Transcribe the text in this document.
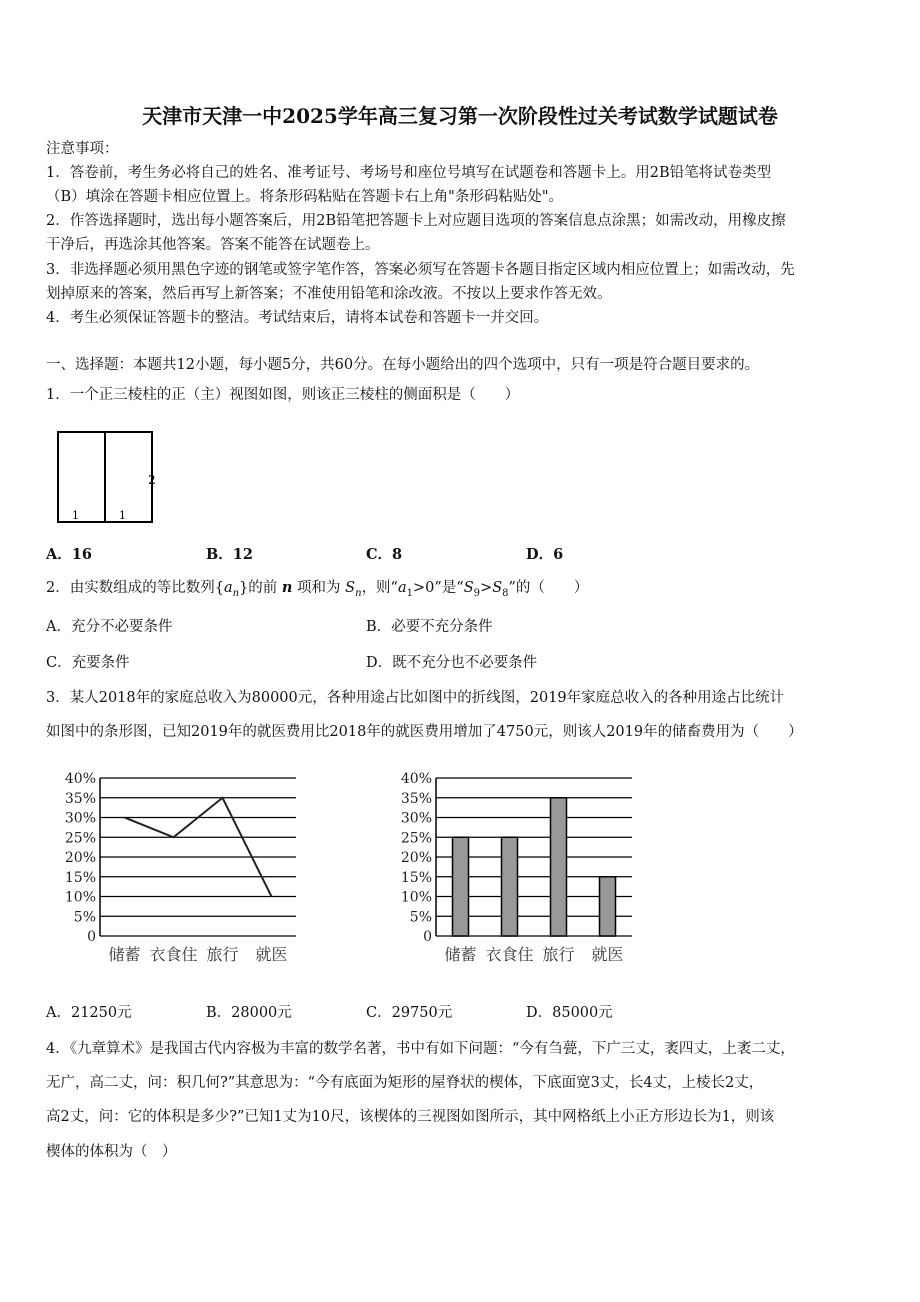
天津市天津一中2025学年高三复习第一次阶段性过关考试数学试题试卷
注意事项：
1．答卷前，考生务必将自己的姓名、准考证号、考场号和座位号填写在试题卷和答题卡上。用2B铅笔将试卷类型
（B）填涂在答题卡相应位置上。将条形码粘贴在答题卡右上角"条形码粘贴处"。
2．作答选择题时，选出每小题答案后，用2B铅笔把答题卡上对应题目选项的答案信息点涂黑；如需改动，用橡皮擦
干净后，再选涂其他答案。答案不能答在试题卷上。
3．非选择题必须用黑色字迹的钢笔或签字笔作答，答案必须写在答题卡各题目指定区域内相应位置上；如需改动，先
划掉原来的答案，然后再写上新答案；不准使用铅笔和涂改液。不按以上要求作答无效。
4．考生必须保证答题卡的整洁。考试结束后，请将本试卷和答题卡一并交回。
一、选择题：本题共12小题，每小题5分，共60分。在每小题给出的四个选项中，只有一项是符合题目要求的。
1．一个正三棱柱的正（主）视图如图，则该正三棱柱的侧面积是（　　）
2
1	1
A．16	B．12	C．8	D．6
2．由实数组成的等比数列$\{a_n\}$的前 n 项和为 $S_n$，则“$a_1>0$”是“$S_9>S_8$”的（　　）
A．充分不必要条件	B．必要不充分条件
C．充要条件	D．既不充分也不必要条件
3．某人2018年的家庭总收入为80000元，各种用途占比如图中的折线图，2019年家庭总收入的各种用途占比统计
如图中的条形图，已知2019年的就医费用比2018年的就医费用增加了4750元，则该人2019年的储畜费用为（　　）
40%
35%
30%
25%
20%
15%
10%
5%
0
储蓄 衣食住 旅行 就医
40%
35%
30%
25%
20%
15%
10%
5%
0
储蓄 衣食住 旅行 就医
A．21250元	B．28000元	C．29750元	D．85000元
4．《九章算术》是我国古代内容极为丰富的数学名著，书中有如下问题：“今有刍甍，下广三丈，袤四丈，上袤二丈，
无广，高二丈，问：积几何?”其意思为：“今有底面为矩形的屋脊状的楔体，下底面宽3丈，长4丈，上棱长2丈，
高2丈，问：它的体积是多少?”已知1丈为10尺，该楔体的三视图如图所示，其中网格纸上小正方形边长为1，则该
楔体的体积为（　）
